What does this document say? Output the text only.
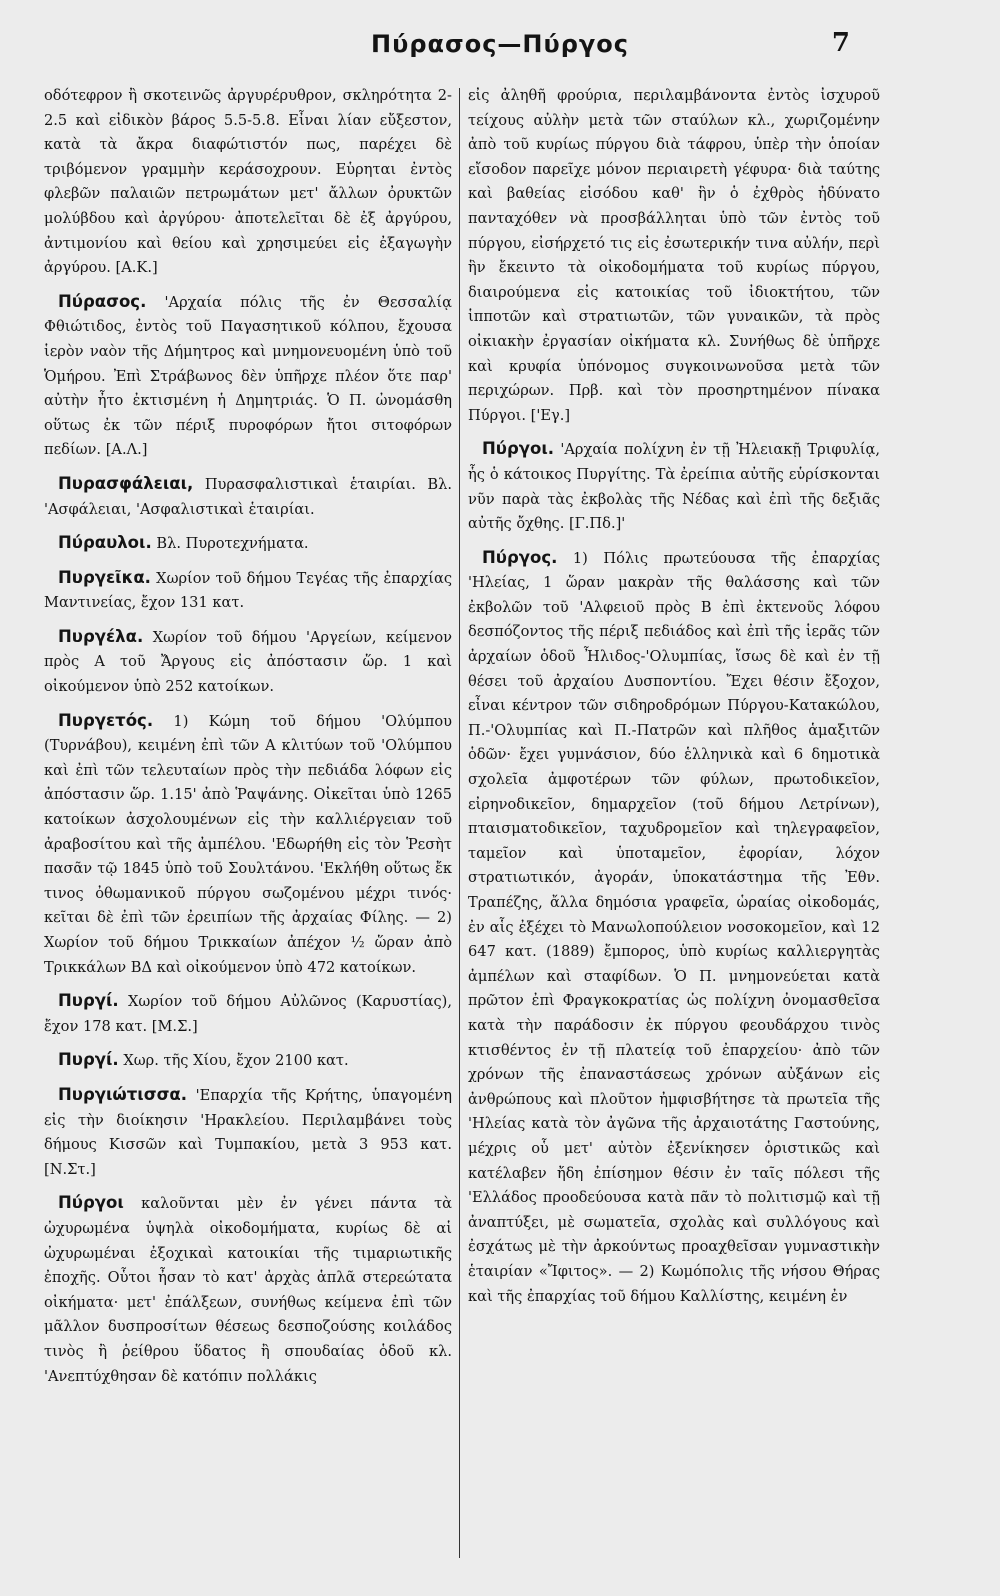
Πύρασος—Πύργος	7

οδότεφρον ἢ σκοτεινῶς ἀργυρέρυθρον, σκληρότητα 2-2.5 καὶ εἰδικὸν βάρος 5.5-5.8. Εἶναι λίαν εὔξεστον, κατὰ τὰ ἄκρα διαφώτιστόν πως, παρέχει δὲ τριβόμενον γραμμὴν κεράσοχρουν. Εὑρηται ἐντὸς φλεβῶν παλαιῶν πετρωμάτων μετ' ἄλλων ὀρυκτῶν μολύβδου καὶ ἀργύρου· ἀποτελεῖται δὲ ἐξ ἀργύρου, ἀντιμονίου καὶ θείου καὶ χρησιμεύει εἰς ἐξαγωγὴν ἀργύρου. [Α.Κ.]

Πύρασος. 'Αρχαία πόλις τῆς ἐν Θεσσαλίᾳ Φθιώτιδος, ἐντὸς τοῦ Παγασητικοῦ κόλπου, ἔχουσα ἱερὸν ναὸν τῆς Δήμητρος καὶ μνημονευομένη ὑπὸ τοῦ Ὁμήρου. Ἐπὶ Στράβωνος δὲν ὑπῆρχε πλέον ὅτε παρ' αὐτὴν ἦτο ἐκτισμένη ἡ Δημητριάς. Ὁ Π. ὠνομάσθη οὕτως ἐκ τῶν πέριξ πυροφόρων ἤτοι σιτοφόρων πεδίων. [Α.Λ.]

Πυρασφάλειαι, Πυρασφαλιστικαὶ ἑταιρίαι. Βλ. 'Ασφάλειαι, 'Ασφαλιστικαὶ ἑταιρίαι.

Πύραυλοι. Βλ. Πυροτεχνήματα.

Πυργεῖκα. Χωρίον τοῦ δήμου Τεγέας τῆς ἐπαρχίας Μαντινείας, ἔχον 131 κατ.

Πυργέλα. Χωρίον τοῦ δήμου 'Αργείων, κείμενον πρὸς Α τοῦ Ἄργους εἰς ἀπόστασιν ὥρ. 1 καὶ οἰκούμενον ὑπὸ 252 κατοίκων.

Πυργετός. 1) Κώμη τοῦ δήμου 'Ολύμπου (Τυρνάβου), κειμένη ἐπὶ τῶν Α κλιτύων τοῦ 'Ολύμπου καὶ ἐπὶ τῶν τελευταίων πρὸς τὴν πεδιάδα λόφων εἰς ἀπόστασιν ὥρ. 1.15' ἀπὸ Ῥαψάνης. Οἰκεῖται ὑπὸ 1265 κατοίκων ἀσχολουμένων εἰς τὴν καλλιέργειαν τοῦ ἀραβοσίτου καὶ τῆς ἀμπέλου. 'Εδωρήθη εἰς τὸν Ῥεσὴτ πασᾶν τῷ 1845 ὑπὸ τοῦ Σουλτάνου. 'Εκλήθη οὕτως ἔκ τινος ὀθωμανικοῦ πύργου σωζομένου μέχρι τινός· κεῖται δὲ ἐπὶ τῶν ἐρειπίων τῆς ἀρχαίας Φίλης. — 2) Χωρίον τοῦ δήμου Τρικκαίων ἀπέχον ½ ὥραν ἀπὸ Τρικκάλων ΒΔ καὶ οἰκούμενον ὑπὸ 472 κατοίκων.

Πυργί. Χωρίον τοῦ δήμου Αὐλῶνος (Καρυστίας), ἔχον 178 κατ. [Μ.Σ.]

Πυργί. Χωρ. τῆς Χίου, ἔχον 2100 κατ.

Πυργιώτισσα. 'Επαρχία τῆς Κρήτης, ὑπαγομένη εἰς τὴν διοίκησιν 'Ηρακλείου. Περιλαμβάνει τοὺς δήμους Κισσῶν καὶ Τυμπακίου, μετὰ 3 953 κατ. [Ν.Στ.]

Πύργοι καλοῦνται μὲν ἐν γένει πάντα τὰ ὠχυρωμένα ὑψηλὰ οἰκοδομήματα, κυρίως δὲ αἱ ὠχυρωμέναι ἐξοχικαὶ κατοικίαι τῆς τιμαριωτικῆς ἐποχῆς. Οὗτοι ἦσαν τὸ κατ' ἀρχὰς ἁπλᾶ στερεώτατα οἰκήματα· μετ' ἐπάλξεων, συνήθως κείμενα ἐπὶ τῶν μᾶλλον δυσπροσίτων θέσεως δεσποζούσης κοιλάδος τινὸς ἢ ῥείθρου ὕδατος ἢ σπουδαίας ὁδοῦ κλ. 'Ανεπτύχθησαν δὲ κατόπιν πολλάκις

εἰς ἀληθῆ φρούρια, περιλαμβάνοντα ἐντὸς ἰσχυροῦ τείχους αὐλὴν μετὰ τῶν σταύλων κλ., χωριζομένην ἀπὸ τοῦ κυρίως πύργου διὰ τάφρου, ὑπὲρ τὴν ὁποίαν εἴσοδον παρεῖχε μόνον περιαιρετὴ γέφυρα· διὰ ταύτης καὶ βαθείας εἰσόδου καθ' ἣν ὁ ἐχθρὸς ἠδύνατο πανταχόθεν νὰ προσβάλληται ὑπὸ τῶν ἐντὸς τοῦ πύργου, εἰσήρχετό τις εἰς ἐσωτερικήν τινα αὐλήν, περὶ ἣν ἔκειντο τὰ οἰκοδομήματα τοῦ κυρίως πύργου, διαιρούμενα εἰς κατοικίας τοῦ ἰδιοκτήτου, τῶν ἱπποτῶν καὶ στρατιωτῶν, τῶν γυναικῶν, τὰ πρὸς οἰκιακὴν ἐργασίαν οἰκήματα κλ. Συνήθως δὲ ὑπῆρχε καὶ κρυφία ὑπόνομος συγκοινωνοῦσα μετὰ τῶν περιχώρων. Πρβ. καὶ τὸν προσηρτημένον πίνακα Πύργοι. ['Εγ.]

Πύργοι. 'Αρχαία πολίχνη ἐν τῇ Ἠλειακῇ Τριφυλίᾳ, ἧς ὁ κάτοικος Πυργίτης. Τὰ ἐρείπια αὐτῆς εὑρίσκονται νῦν παρὰ τὰς ἐκβολὰς τῆς Νέδας καὶ ἐπὶ τῆς δεξιᾶς αὐτῆς ὄχθης. [Γ.Πδ.]'

Πύργος. 1) Πόλις πρωτεύουσα τῆς ἐπαρχίας 'Ηλείας, 1 ὥραν μακρὰν τῆς θαλάσσης καὶ τῶν ἐκβολῶν τοῦ 'Αλφειοῦ πρὸς Β ἐπὶ ἐκτενοῦς λόφου δεσπόζοντος τῆς πέριξ πεδιάδος καὶ ἐπὶ τῆς ἱερᾶς τῶν ἀρχαίων ὁδοῦ Ἦλιδος-'Ολυμπίας, ἴσως δὲ καὶ ἐν τῇ θέσει τοῦ ἀρχαίου Δυσποντίου. Ἔχει θέσιν ἔξοχον, εἶναι κέντρον τῶν σιδηροδρόμων Πύργου-Κατακώλου, Π.-'Ολυμπίας καὶ Π.-Πατρῶν καὶ πλῆθος ἁμαξιτῶν ὁδῶν· ἔχει γυμνάσιον, δύο ἑλληνικὰ καὶ 6 δημοτικὰ σχολεῖα ἀμφοτέρων τῶν φύλων, πρωτοδικεῖον, εἰρηνοδικεῖον, δημαρχεῖον (τοῦ δήμου Λετρίνων), πταισματοδικεῖον, ταχυδρομεῖον καὶ τηλεγραφεῖον, ταμεῖον καὶ ὑποταμεῖον, ἐφορίαν, λόχον στρατιωτικόν, ἀγοράν, ὑποκατάστημα τῆς Ἐθν. Τραπέζης, ἄλλα δημόσια γραφεῖα, ὡραίας οἰκοδομάς, ἐν αἷς ἐξέχει τὸ Μανωλοπούλειον νοσοκομεῖον, καὶ 12 647 κατ. (1889) ἔμπορος, ὑπὸ κυρίως καλλιεργητὰς ἀμπέλων καὶ σταφίδων. Ὁ Π. μνημονεύεται κατὰ πρῶτον ἐπὶ Φραγκοκρατίας ὡς πολίχνη ὀνομασθεῖσα κατὰ τὴν παράδοσιν ἐκ πύργου φεουδάρχου τινὸς κτισθέντος ἐν τῇ πλατείᾳ τοῦ ἐπαρχείου· ἀπὸ τῶν χρόνων τῆς ἐπαναστάσεως χρόνων αὐξάνων εἰς ἀνθρώπους καὶ πλοῦτον ἠμφισβήτησε τὰ πρωτεῖα τῆς 'Ηλείας κατὰ τὸν ἀγῶνα τῆς ἀρχαιοτάτης Γαστούνης, μέχρις οὗ μετ' αὐτὸν ἐξενίκησεν ὁριστικῶς καὶ κατέλαβεν ἤδη ἐπίσημον θέσιν ἐν ταῖς πόλεσι τῆς 'Ελλάδος προοδεύουσα κατὰ πᾶν τὸ πολιτισμῷ καὶ τῇ ἀναπτύξει, μὲ σωματεῖα, σχολὰς καὶ συλλόγους καὶ ἐσχάτως μὲ τὴν ἀρκούντως προαχθεῖσαν γυμναστικὴν ἑταιρίαν «Ἴφιτος». — 2) Κωμόπολις τῆς νήσου Θήρας καὶ τῆς ἐπαρχίας τοῦ δήμου Καλλίστης, κειμένη ἐν
